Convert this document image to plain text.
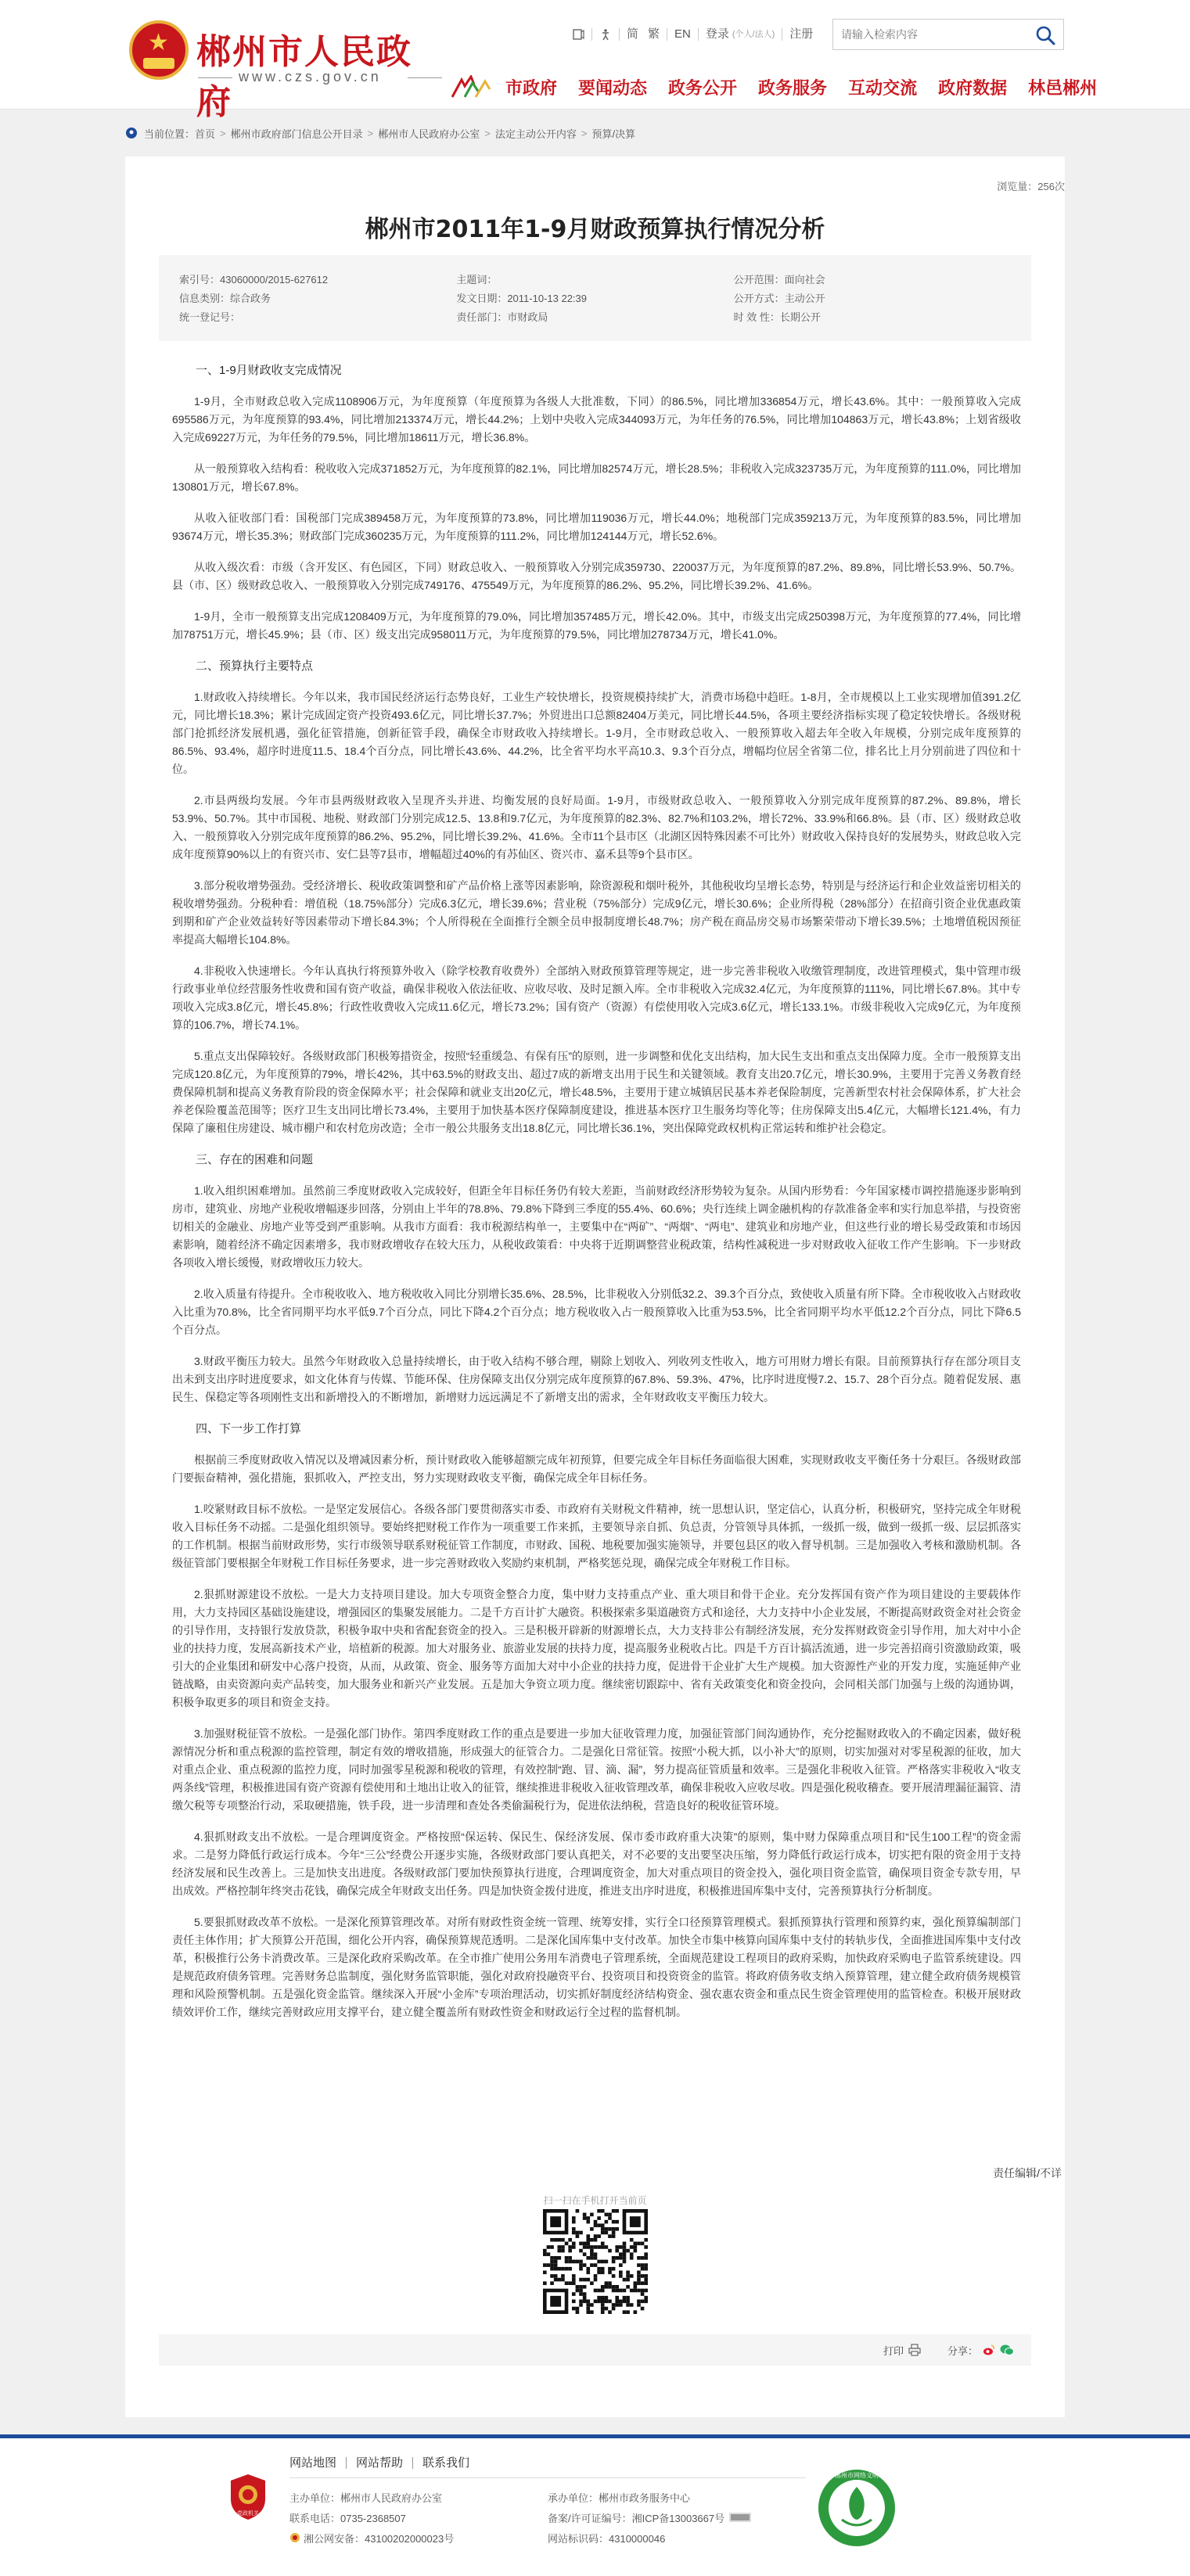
★ 郴州市人民政府
www.czs.gov.cn
简 繁	EN	登录 (个人/法人)	注册
请输入检索内容
市政府 要闻动态 政务公开 政务服务 互动交流 政府数据 林邑郴州
当前位置： 首页 > 郴州市政府部门信息公开目录 > 郴州市人民政府办公室 > 法定主动公开内容 > 预算/决算
浏览量：256次
郴州市2011年1-9月财政预算执行情况分析
索引号：43060000/2015-627612	主题词：	公开范围：面向社会
信息类别：综合政务	发文日期：2011-10-13 22:39	公开方式：主动公开
统一登记号：	责任部门：市财政局	时 效 性：长期公开
一、1-9月财政收支完成情况

1-9月，全市财政总收入完成1108906万元，为年度预算（年度预算为各级人大批准数，下同）的86.5%，同比增加336854万元，增长43.6%。其中：一般预算收入完成695586万元，为年度预算的93.4%，同比增加213374万元，增长44.2%；上划中央收入完成344093万元，为年任务的76.5%，同比增加104863万元，增长43.8%；上划省级收入完成69227万元，为年任务的79.5%，同比增加18611万元，增长36.8%。

从一般预算收入结构看：税收收入完成371852万元，为年度预算的82.1%，同比增加82574万元，增长28.5%；非税收入完成323735万元，为年度预算的111.0%，同比增加130801万元，增长67.8%。

从收入征收部门看：国税部门完成389458万元，为年度预算的73.8%，同比增加119036万元，增长44.0%；地税部门完成359213万元，为年度预算的83.5%，同比增加93674万元，增长35.3%；财政部门完成360235万元，为年度预算的111.2%，同比增加124144万元，增长52.6%。

从收入级次看：市级（含开发区、有色园区，下同）财政总收入、一般预算收入分别完成359730、220037万元，为年度预算的87.2%、89.8%，同比增长53.9%、50.7%。县（市、区）级财政总收入、一般预算收入分别完成749176、475549万元，为年度预算的86.2%、95.2%，同比增长39.2%、41.6%。

1-9月，全市一般预算支出完成1208409万元，为年度预算的79.0%，同比增加357485万元，增长42.0%。其中，市级支出完成250398万元，为年度预算的77.4%，同比增加78751万元，增长45.9%；县（市、区）级支出完成958011万元，为年度预算的79.5%，同比增加278734万元，增长41.0%。

二、预算执行主要特点

1.财政收入持续增长。今年以来，我市国民经济运行态势良好，工业生产较快增长，投资规模持续扩大，消费市场稳中趋旺。1-8月，全市规模以上工业实现增加值391.2亿元，同比增长18.3%；累计完成固定资产投资493.6亿元，同比增长37.7%；外贸进出口总额82404万美元，同比增长44.5%，各项主要经济指标实现了稳定较快增长。各级财税部门抢抓经济发展机遇，强化征管措施，创新征管手段，确保全市财政收入持续增长。1-9月，全市财政总收入、一般预算收入超去年全收入年规模，分别完成年度预算的86.5%、93.4%，超序时进度11.5、18.4个百分点，同比增长43.6%、44.2%，比全省平均水平高10.3、9.3个百分点，增幅均位居全省第二位，排名比上月分别前进了四位和十位。

2.市县两级均发展。今年市县两级财政收入呈现齐头并进、均衡发展的良好局面。1-9月，市级财政总收入、一般预算收入分别完成年度预算的87.2%、89.8%，增长53.9%、50.7%。其中市国税、地税、财政部门分别完成12.5、13.8和9.7亿元，为年度预算的82.3%、82.7%和103.2%，增长72%、33.9%和66.8%。县（市、区）级财政总收入、一般预算收入分别完成年度预算的86.2%、95.2%，同比增长39.2%、41.6%。全市11个县市区（北湖区因特殊因素不可比外）财政收入保持良好的发展势头，财政总收入完成年度预算90%以上的有资兴市、安仁县等7县市，增幅超过40%的有苏仙区、资兴市、嘉禾县等9个县市区。

3.部分税收增势强劲。受经济增长、税收政策调整和矿产品价格上涨等因素影响，除资源税和烟叶税外，其他税收均呈增长态势，特别是与经济运行和企业效益密切相关的税收增势强劲。分税种看：增值税（18.75%部分）完成6.3亿元，增长39.6%；营业税（75%部分）完成9亿元，增长30.6%；企业所得税（28%部分）在招商引资企业优惠政策到期和矿产企业效益转好等因素带动下增长84.3%；个人所得税在全面推行全额全员申报制度增长48.7%；房产税在商品房交易市场繁荣带动下增长39.5%；土地增值税因预征率提高大幅增长104.8%。

4.非税收入快速增长。今年认真执行将预算外收入（除学校教育收费外）全部纳入财政预算管理等规定，进一步完善非税收入收缴管理制度，改进管理模式，集中管理市级行政事业单位经营服务性收费和国有资产收益，确保非税收入依法征收、应收尽收、及时足额入库。全市非税收入完成32.4亿元，为年度预算的111%，同比增长67.8%。其中专项收入完成3.8亿元，增长45.8%；行政性收费收入完成11.6亿元，增长73.2%；国有资产（资源）有偿使用收入完成3.6亿元，增长133.1%。市级非税收入完成9亿元，为年度预算的106.7%，增长74.1%。

5.重点支出保障较好。各级财政部门积极筹措资金，按照“轻重缓急、有保有压”的原则，进一步调整和优化支出结构，加大民生支出和重点支出保障力度。全市一般预算支出完成120.8亿元，为年度预算的79%，增长42%，其中63.5%的财政支出、超过7成的新增支出用于民生和关键领域。教育支出20.7亿元，增长30.9%，主要用于完善义务教育经费保障机制和提高义务教育阶段的资金保障水平；社会保障和就业支出20亿元，增长48.5%，主要用于建立城镇居民基本养老保险制度，完善新型农村社会保障体系，扩大社会养老保险覆盖范围等；医疗卫生支出同比增长73.4%，主要用于加快基本医疗保障制度建设，推进基本医疗卫生服务均等化等；住房保障支出5.4亿元，大幅增长121.4%，有力保障了廉租住房建设、城市棚户和农村危房改造；全市一般公共服务支出18.8亿元，同比增长36.1%，突出保障党政权机构正常运转和维护社会稳定。

三、存在的困难和问题

1.收入组织困难增加。虽然前三季度财政收入完成较好，但距全年目标任务仍有较大差距，当前财政经济形势较为复杂。从国内形势看：今年国家楼市调控措施逐步影响到房市，建筑业、房地产业税收增幅逐步回落，分别由上半年的78.8%、79.8%下降到三季度的55.4%、60.6%；央行连续上调金融机构的存款准备金率和实行加息举措，与投资密切相关的金融业、房地产业等受到严重影响。从我市方面看：我市税源结构单一，主要集中在“两矿”、“两烟”、“两电”、建筑业和房地产业，但这些行业的增长易受政策和市场因素影响，随着经济不确定因素增多，我市财政增收存在较大压力，从税收政策看：中央将于近期调整营业税政策，结构性减税进一步对财政收入征收工作产生影响。下一步财政各项收入增长缓慢，财政增收压力较大。

2.收入质量有待提升。全市税收收入、地方税收收入同比分别增长35.6%、28.5%，比非税收入分别低32.2、39.3个百分点，致使收入质量有所下降。全市税收收入占财政收入比重为70.8%，比全省同期平均水平低9.7个百分点，同比下降4.2个百分点；地方税收收入占一般预算收入比重为53.5%，比全省同期平均水平低12.2个百分点，同比下降6.5个百分点。

3.财政平衡压力较大。虽然今年财政收入总量持续增长，由于收入结构不够合理，剔除上划收入、列收列支性收入，地方可用财力增长有限。目前预算执行存在部分项目支出未到支出序时进度要求，如文化体育与传媒、节能环保、住房保障支出仅分别完成年度预算的67.8%、59.3%、47%，比序时进度慢7.2、15.7、28个百分点。随着促发展、惠民生、保稳定等各项刚性支出和新增投入的不断增加，新增财力远远满足不了新增支出的需求，全年财政收支平衡压力较大。

四、下一步工作打算

根据前三季度财政收入情况以及增减因素分析，预计财政收入能够超额完成年初预算，但要完成全年目标任务面临很大困难，实现财政收支平衡任务十分艰巨。各级财政部门要振奋精神，强化措施，狠抓收入，严控支出，努力实现财政收支平衡，确保完成全年目标任务。

1.咬紧财政目标不放松。一是坚定发展信心。各级各部门要贯彻落实市委、市政府有关财税文件精神，统一思想认识，坚定信心，认真分析，积极研究，坚持完成全年财税收入目标任务不动摇。二是强化组织领导。要始终把财税工作作为一项重要工作来抓，主要领导亲自抓、负总责，分管领导具体抓，一级抓一级，做到一级抓一级、层层抓落实的工作机制。根据当前财政形势，实行市级领导联系财税征管工作制度，市财政、国税、地税要加强实施领导，并要包县区的收入督导机制。三是加强收入考核和激励机制。各级征管部门要根据全年财税工作目标任务要求，进一步完善财政收入奖励约束机制，严格奖惩兑现，确保完成全年财税工作目标。

2.狠抓财源建设不放松。一是大力支持项目建设。加大专项资金整合力度，集中财力支持重点产业、重大项目和骨干企业。充分发挥国有资产作为项目建设的主要载体作用，大力支持园区基础设施建设，增强园区的集聚发展能力。二是千方百计扩大融资。积极探索多渠道融资方式和途径，大力支持中小企业发展，不断提高财政资金对社会资金的引导作用，支持银行发放贷款，积极争取中央和省配套资金的投入。三是积极开辟新的财源增长点，大力支持非公有制经济发展，充分发挥财政资金引导作用，加大对中小企业的扶持力度，发展高新技术产业，培植新的税源。加大对服务业、旅游业发展的扶持力度，提高服务业税收占比。四是千方百计搞活流通，进一步完善招商引资激励政策，吸引大的企业集团和研发中心落户投资，从而，从政策、资金、服务等方面加大对中小企业的扶持力度，促进骨干企业扩大生产规模。加大资源性产业的开发力度，实施延伸产业链战略，由卖资源向卖产品转变，加大服务业和新兴产业发展。五是加大争资立项力度。继续密切跟踪中、省有关政策变化和资金投向，会同相关部门加强与上级的沟通协调，积极争取更多的项目和资金支持。

3.加强财税征管不放松。一是强化部门协作。第四季度财政工作的重点是要进一步加大征收管理力度，加强征管部门间沟通协作，充分挖掘财政收入的不确定因素，做好税源情况分析和重点税源的监控管理，制定有效的增收措施，形成强大的征管合力。二是强化日常征管。按照“小税大抓，以小补大”的原则，切实加强对对零星税源的征收，加大对重点企业、重点税源的监控力度，同时加强零星税源和税收的管理，有效控制“跑、冒、滴、漏”，努力提高征管质量和效率。三是强化非税收入征管。严格落实非税收入“收支两条线”管理，积极推进国有资产资源有偿使用和土地出让收入的征管，继续推进非税收入征收管理改革，确保非税收入应收尽收。四是强化税收稽查。要开展清理漏征漏管、清缴欠税等专项整治行动，采取硬措施，铁手段，进一步清理和查处各类偷漏税行为，促进依法纳税，营造良好的税收征管环境。

4.狠抓财政支出不放松。一是合理调度资金。严格按照“保运转、保民生、保经济发展、保市委市政府重大决策”的原则，集中财力保障重点项目和“民生100工程”的资金需求。二是努力降低行政运行成本。今年“三公”经费公开逐步实施，各级财政部门要认真把关，对不必要的支出要坚决压缩，努力降低行政运行成本，切实把有限的资金用于支持经济发展和民生改善上。三是加快支出进度。各级财政部门要加快预算执行进度，合理调度资金，加大对重点项目的资金投入，强化项目资金监管，确保项目资金专款专用，早出成效。严格控制年终突击花钱，确保完成全年财政支出任务。四是加快资金拨付进度，推进支出序时进度，积极推进国库集中支付，完善预算执行分析制度。

5.要狠抓财政改革不放松。一是深化预算管理改革。对所有财政性资金统一管理、统筹安排，实行全口径预算管理模式。狠抓预算执行管理和预算约束，强化预算编制部门责任主体作用；扩大预算公开范围，细化公开内容，确保预算规范透明。二是深化国库集中支付改革。加快全市集中核算向国库集中支付的转轨步伐，全面推进国库集中支付改革，积极推行公务卡消费改革。三是深化政府采购改革。在全市推广使用公务用车消费电子管理系统，全面规范建设工程项目的政府采购，加快政府采购电子监管系统建设。四是规范政府债务管理。完善财务总监制度，强化财务监管职能，强化对政府投融资平台、投资项目和投资资金的监管。将政府债务收支纳入预算管理，建立健全政府债务规模管理和风险预警机制。五是强化资金监管。继续深入开展“小金库”专项治理活动，切实抓好制度经济结构资金、强农惠农资金和重点民生资金管理使用的监管检查。积极开展财政绩效评价工作，继续完善财政应用支撑平台，建立健全覆盖所有财政性资金和财政运行全过程的监督机制。

责任编辑/不详
扫一扫在手机打开当前页
打印	分享：
网站地图	网站帮助	联系我们
党政机关
主办单位：郴州市人民政府办公室	承办单位：郴州市政务服务中心
联系电话：0735-2368507	备案/许可证编号：湘ICP备13003667号
湘公网安备：43100202000023号	网站标识码：4310000046
郴州市网络文明
